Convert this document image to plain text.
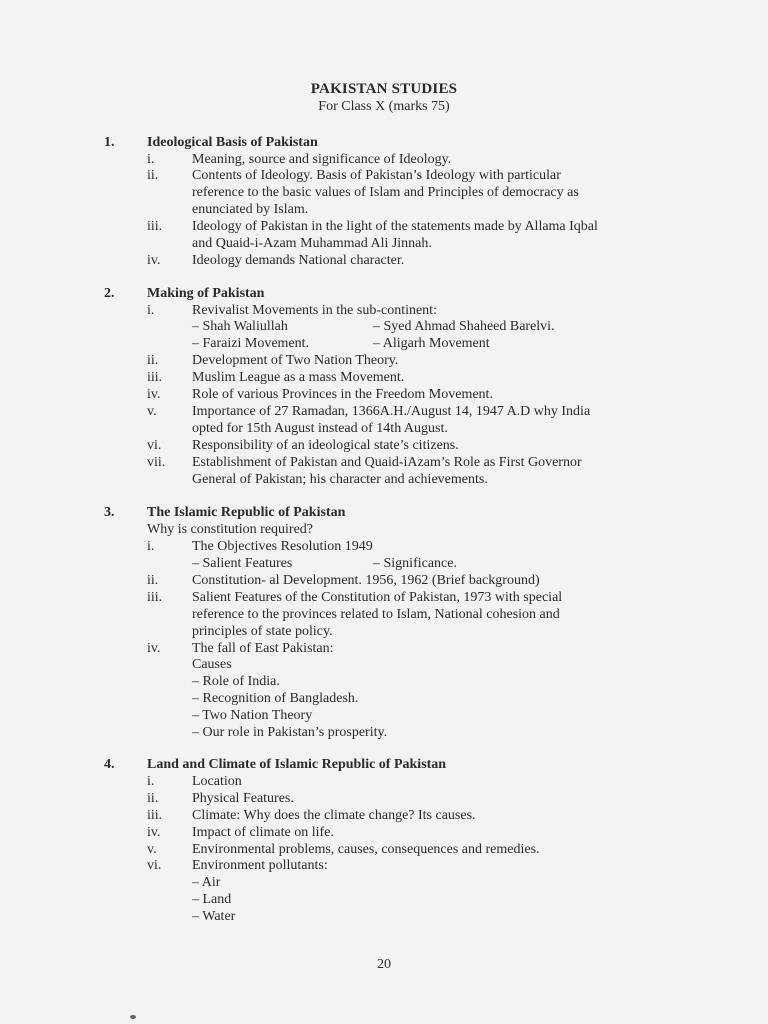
PAKISTAN STUDIES
For Class X (marks 75)
1. Ideological Basis of Pakistan
i.	Meaning, source and significance of Ideology.
ii. Contents of Ideology. Basis of Pakistan’s Ideology with particular
reference to the basic values of Islam and Principles of democracy as
enunciated by Islam.
iii. Ideology of Pakistan in the light of the statements made by Allama Iqbal
and Quaid-i-Azam Muhammad Ali Jinnah.
iv. Ideology demands National character.
2. Making of Pakistan
i.	Revivalist Movements in the sub-continent:
– Shah Waliullah	– Syed Ahmad Shaheed Barelvi.
– Faraizi Movement.	– Aligarh Movement
ii. Development of Two Nation Theory.
iii. Muslim League as a mass Movement.
iv. Role of various Provinces in the Freedom Movement.
v.	Importance of 27 Ramadan, 1366A.H./August 14, 1947 A.D why India
opted for 15th August instead of 14th August.
vi. Responsibility of an ideological state’s citizens.
vii. Establishment of Pakistan and Quaid-iAzam’s Role as First Governor
General of Pakistan; his character and achievements.
3. The Islamic Republic of Pakistan
Why is constitution required?
i.	The Objectives Resolution 1949
– Salient Features	– Significance.
ii. Constitution- al Development. 1956, 1962 (Brief background)
iii. Salient Features of the Constitution of Pakistan, 1973 with special
reference to the provinces related to Islam, National cohesion and
principles of state policy.
iv. The fall of East Pakistan:
Causes
– Role of India.
– Recognition of Bangladesh.
– Two Nation Theory
– Our role in Pakistan’s prosperity.
4. Land and Climate of Islamic Republic of Pakistan
i.	Location
ii. Physical Features.
iii. Climate: Why does the climate change? Its causes.
iv. Impact of climate on life.
v.	Environmental problems, causes, consequences and remedies.
vi. Environment pollutants:
– Air
– Land
– Water
20
